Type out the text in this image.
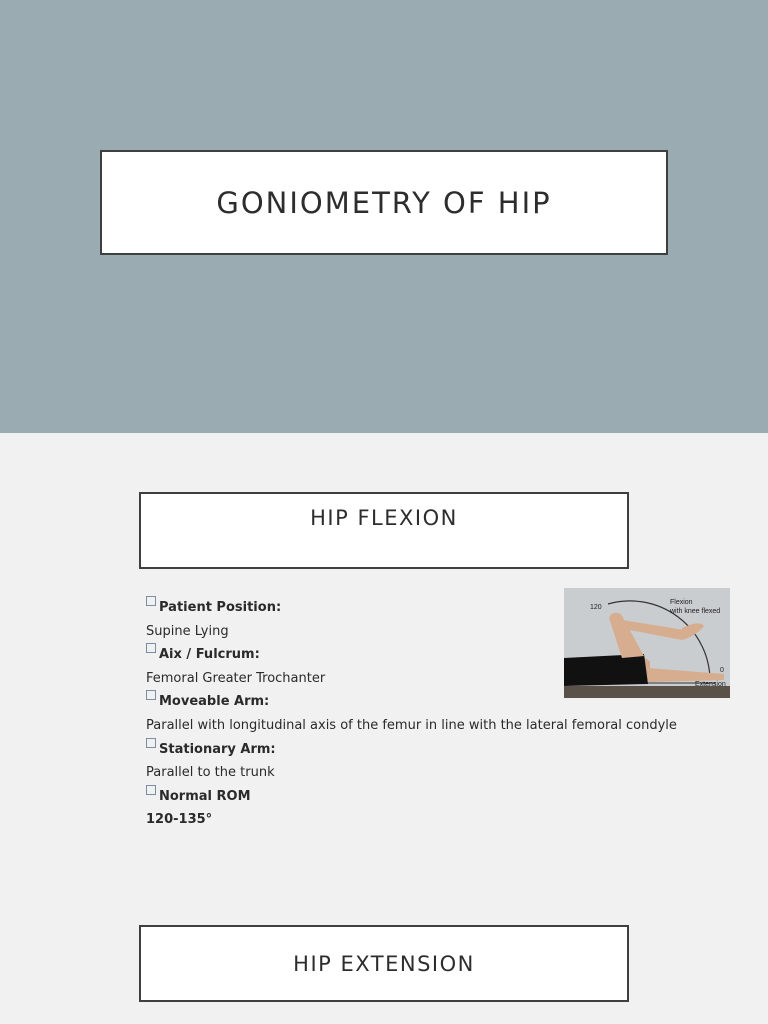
GONIOMETRY OF HIP
HIP FLEXION
Patient Position:
Supine Lying
Aix / Fulcrum:
Femoral Greater Trochanter
Moveable Arm:
Parallel with longitudinal axis of the femur in line with the lateral femoral condyle
Stationary Arm:
Parallel to the trunk
Normal ROM
120-135°
120
Flexion
with knee flexed
0
Extension
HIP EXTENSION
